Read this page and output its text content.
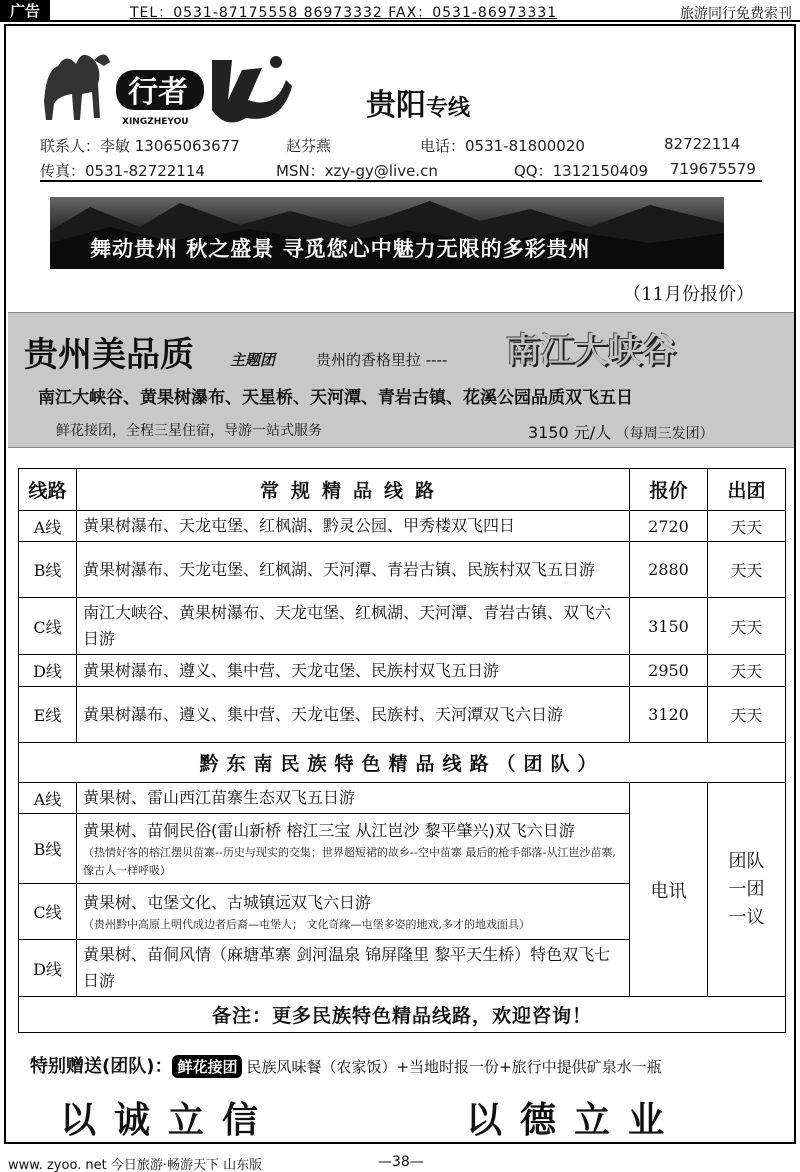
广告	TEL：0531-87175558 86973332 FAX：0531-86973331	旅游同行免费索刊
行者
XINGZHEYOU	贵阳专线
联系人：李敏 13065063677	赵芬燕	电话：0531-81800020	82722114
传真：0531-82722114	MSN：xzy-gy@live.cn	QQ：1312150409 719675579
舞动贵州 秋之盛景 寻觅您心中魅力无限的多彩贵州
（11月份报价）
贵州美品质 主题团	贵州的香格里拉 ---- 南江大峡谷
南江大峡谷、黄果树瀑布、天星桥、天河潭、青岩古镇、花溪公园品质双飞五日
鲜花接团，全程三星住宿，导游一站式服务	3150 元/人 （每周三发团）
线路	常规精品线路	报价	出团
A线	黄果树瀑布、天龙屯堡、红枫湖、黔灵公园、甲秀楼双飞四日	2720	天天
B线	黄果树瀑布、天龙屯堡、红枫湖、天河潭、青岩古镇、民族村双飞五日游	2880	天天
C线	南江大峡谷、黄果树瀑布、天龙屯堡、红枫湖、天河潭、青岩古镇、双飞六日游	3150	天天
D线	黄果树瀑布、遵义、集中营、天龙屯堡、民族村双飞五日游	2950	天天
E线	黄果树瀑布、遵义、集中营、天龙屯堡、民族村、天河潭双飞六日游	3120	天天
黔东南民族特色精品线路（团队）			
A线	黄果树、雷山西江苗寨生态双飞五日游	电讯	团队
一团
一议

B线	黄果树、苗侗民俗(雷山新桥 榕江三宝 从江岜沙 黎平肇兴)双飞六日游
（热情好客的榕江摆贝苗寨--历史与现实的交集；世界超短裙的故乡--空中苗寨 最后的枪手部落-从江岜沙苗寨,像古人一样呼吸）		

C线	黄果树、屯堡文化、古城镇远双飞六日游
（贵州黔中高原上明代成边者后裔—屯堡人； 文化奇缘—屯堡多姿的地戏,多才的地戏面具）		

D线	黄果树、苗侗风情（麻塘革寨 剑河温泉 锦屏隆里 黎平天生桥）特色双飞七日游		
备注：更多民族特色精品线路，欢迎咨询！			
特别赠送(团队)： 鲜花接团 民族风味餐（农家饭）+当地时报一份+旅行中提供矿泉水一瓶
以诚立信	以德立业
www. zyoo. net 今日旅游·畅游天下 山东版	—38—
